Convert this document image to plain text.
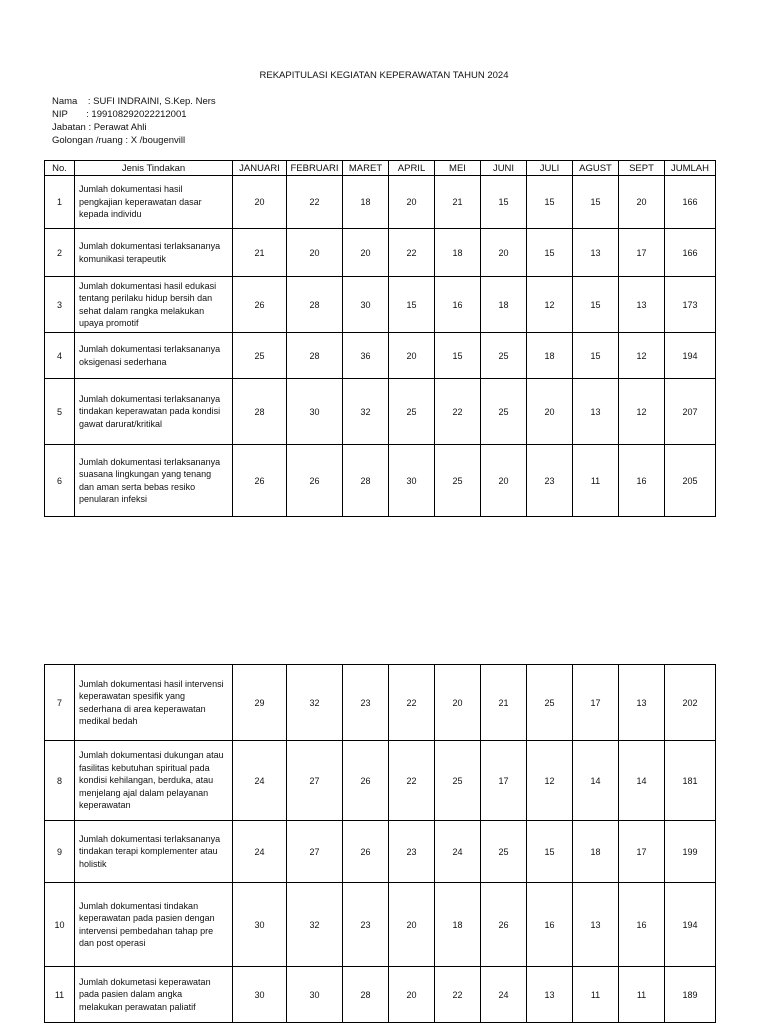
REKAPITULASI KEGIATAN KEPERAWATAN TAHUN 2024
Nama    : SUFI INDRAINI, S.Kep. Ners
NIP       : 199108292022212001
Jabatan : Perawat Ahli
Golongan /ruang : X /bougenvill
No.	Jenis Tindakan	JANUARI	FEBRUARI	MARET	APRIL	MEI	JUNI	JULI	AGUST	SEPT	JUMLAH
1	Jumlah dokumentasi hasil pengkajian keperawatan dasar kepada individu	20	22	18	20	21	15	15	15	20	166
2	Jumlah dokumentasi terlaksananya komunikasi terapeutik	21	20	20	22	18	20	15	13	17	166
3	Jumlah dokumentasi hasil edukasi tentang perilaku hidup bersih dan sehat dalam rangka melakukan upaya promotif	26	28	30	15	16	18	12	15	13	173
4	Jumlah dokumentasi terlaksananya oksigenasi sederhana	25	28	36	20	15	25	18	15	12	194
5	Jumlah dokumentasi terlaksananya tindakan keperawatan pada kondisi gawat darurat/kritikal	28	30	32	25	22	25	20	13	12	207
6	Jumlah dokumentasi terlaksananya suasana lingkungan yang tenang dan aman serta bebas resiko penularan infeksi	26	26	28	30	25	20	23	11	16	205
7	Jumlah dokumentasi hasil intervensi keperawatan spesifik yang sederhana di area keperawatan medikal bedah	29	32	23	22	20	21	25	17	13	202
8	Jumlah dokumentasi dukungan atau fasilitas kebutuhan spiritual pada kondisi kehilangan, berduka, atau menjelang ajal dalam pelayanan keperawatan	24	27	26	22	25	17	12	14	14	181
9	Jumlah dokumentasi terlaksananya tindakan terapi komplementer atau holistik	24	27	26	23	24	25	15	18	17	199
10	Jumlah dokumentasi tindakan keperawatan pada pasien dengan intervensi pembedahan tahap pre dan post operasi	30	32	23	20	18	26	16	13	16	194
11	Jumlah dokumetasi keperawatan pada pasien dalam angka melakukan perawatan paliatif	30	30	28	20	22	24	13	11	11	189
